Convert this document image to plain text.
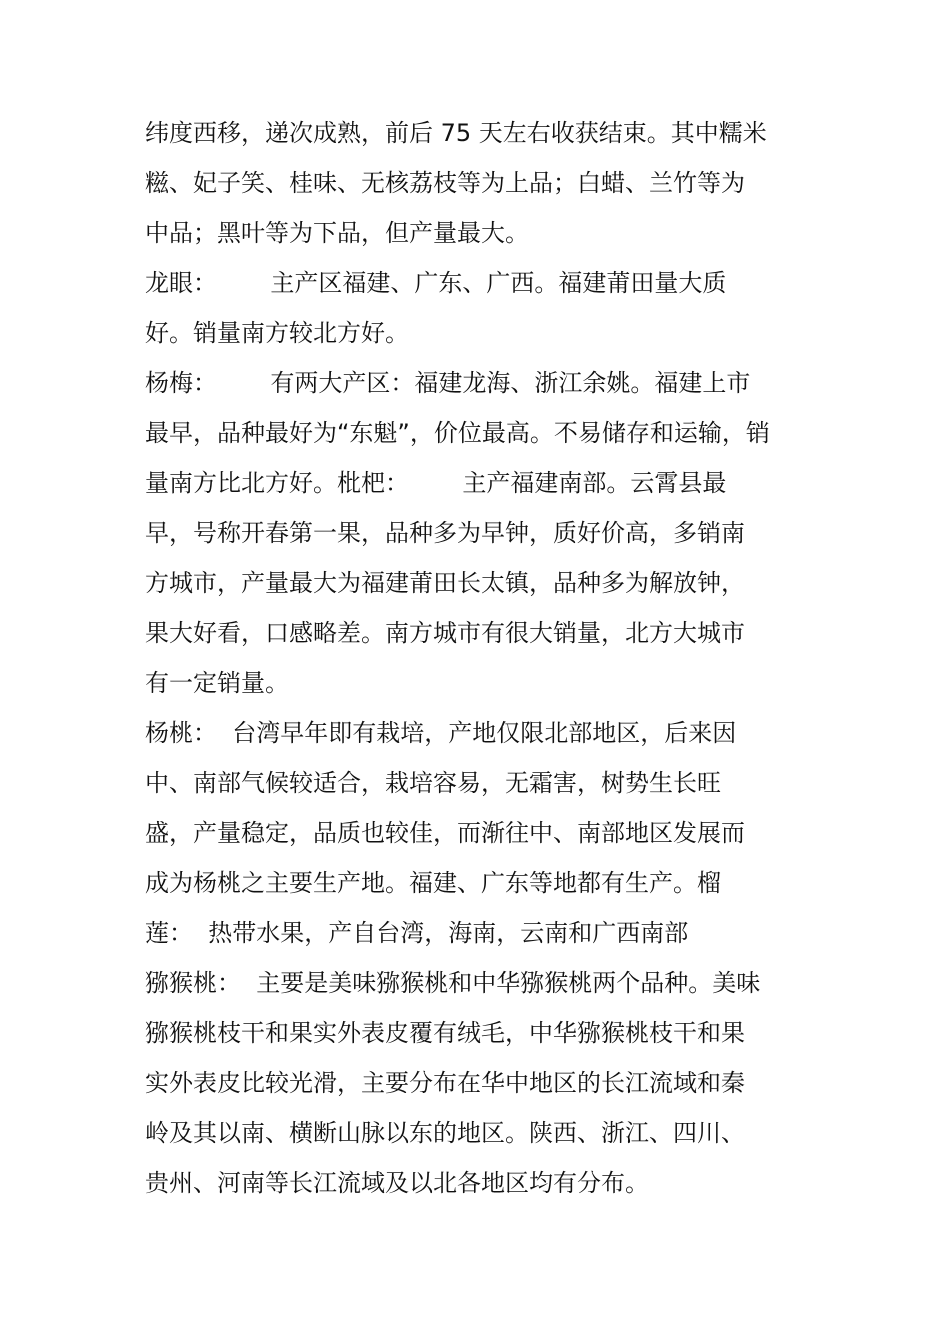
纬度西移，递次成熟，前后 75 天左右收获结束。其中糯米

糍、妃子笑、桂味、无核荔枝等为上品；白蜡、兰竹等为

中品；黑叶等为下品，但产量最大。

龙眼：       主产区福建、广东、广西。福建莆田量大质

好。销量南方较北方好。

杨梅：       有两大产区：福建龙海、浙江余姚。福建上市

最早，品种最好为“东魁”，价位最高。不易储存和运输，销

量南方比北方好。枇杷：       主产福建南部。云霄县最

早，号称开春第一果，品种多为早钟，质好价高，多销南

方城市，产量最大为福建莆田长太镇，品种多为解放钟，

果大好看，口感略差。南方城市有很大销量，北方大城市

有一定销量。

杨桃：  台湾早年即有栽培，产地仅限北部地区，后来因

中、南部气候较适合，栽培容易，无霜害，树势生长旺

盛，产量稳定，品质也较佳，而渐往中、南部地区发展而

成为杨桃之主要生产地。福建、广东等地都有生产。榴

莲：  热带水果，产自台湾，海南，云南和广西南部

猕猴桃：  主要是美味猕猴桃和中华猕猴桃两个品种。美味

猕猴桃枝干和果实外表皮覆有绒毛，中华猕猴桃枝干和果

实外表皮比较光滑，主要分布在华中地区的长江流域和秦

岭及其以南、横断山脉以东的地区。陕西、浙江、四川、

贵州、河南等长江流域及以北各地区均有分布。
